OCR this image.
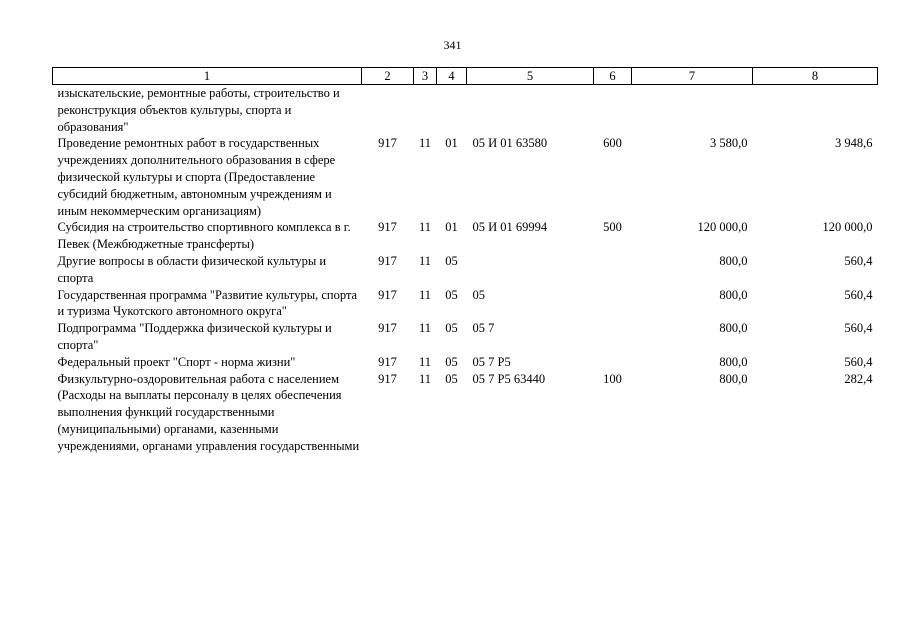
341
1	2	3	4	5	6	7	8
изыскательские, ремонтные работы, строительство и реконструкция объектов культуры, спорта и образования"							
Проведение ремонтных работ в государственных учреждениях дополнительного образования в сфере физической культуры и спорта (Предоставление субсидий бюджетным, автономным учреждениям и иным некоммерческим организациям)	917	11	01	05 И 01 63580	600	3 580,0	3 948,6
Субсидия на строительство спортивного комплекса в г. Певек (Межбюджетные трансферты)	917	11	01	05 И 01 69994	500	120 000,0	120 000,0
Другие вопросы в области физической культуры и спорта	917	11	05			800,0	560,4
Государственная программа "Развитие культуры, спорта и туризма Чукотского автономного округа"	917	11	05	05		800,0	560,4
Подпрограмма "Поддержка физической культуры и спорта"	917	11	05	05 7		800,0	560,4
Федеральный проект "Спорт - норма жизни"	917	11	05	05 7 P5		800,0	560,4
Физкультурно-оздоровительная работа с населением (Расходы на выплаты персоналу в целях обеспечения выполнения функций государственными (муниципальными) органами, казенными учреждениями, органами управления государственными	917	11	05	05 7 P5 63440	100	800,0	282,4
